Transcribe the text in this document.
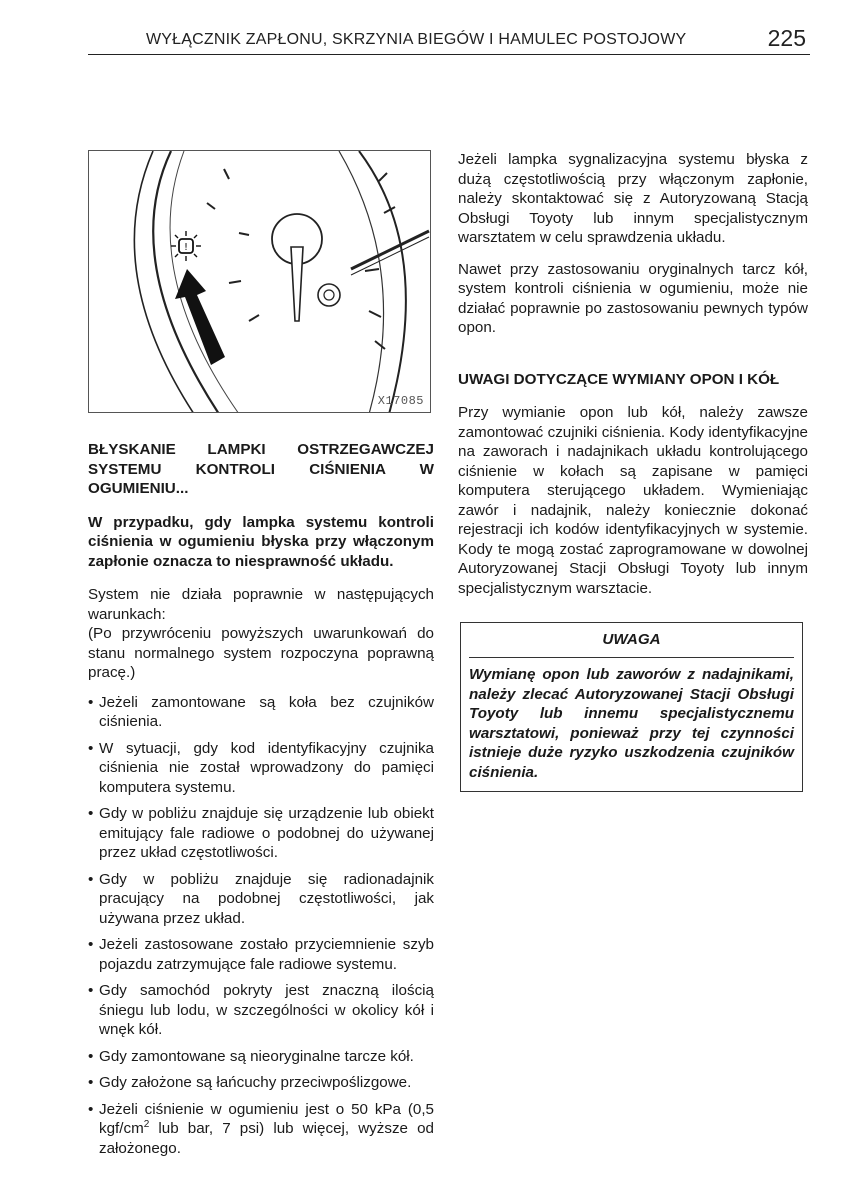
WYŁĄCZNIK ZAPŁONU, SKRZYNIA BIEGÓW I HAMULEC POSTOJOWY	225
!
X17085

BŁYSKANIE LAMPKI OSTRZEGAWCZEJ SYSTEMU KONTROLI CIŚNIENIA W OGUMIENIU...

W przypadku, gdy lampka systemu kontroli ciśnienia w ogumieniu błyska przy włączonym zapłonie oznacza to niesprawność układu.

System nie działa poprawnie w następujących warunkach:

(Po przywróceniu powyższych uwarunkowań do stanu normalnego system rozpoczyna poprawną pracę.)

• Jeżeli zamontowane są koła bez czujników ciśnienia.
• W sytuacji, gdy kod identyfikacyjny czujnika ciśnienia nie został wprowadzony do pamięci komputera systemu.
• Gdy w pobliżu znajduje się urządzenie lub obiekt emitujący fale radiowe o podobnej do używanej przez układ częstotliwości.
• Gdy w pobliżu znajduje się radionadajnik pracujący na podobnej częstotliwości, jak używana przez układ.
• Jeżeli zastosowane zostało przyciemnienie szyb pojazdu zatrzymujące fale radiowe systemu.
• Gdy samochód pokryty jest znaczną ilością śniegu lub lodu, w szczególności w okolicy kół i wnęk kół.
• Gdy zamontowane są nieoryginalne tarcze kół.
• Gdy założone są łańcuchy przeciwpoślizgowe.
• Jeżeli ciśnienie w ogumieniu jest o 50 kPa (0,5 kgf/$cm^2$ lub bar, 7 psi) lub więcej, wyższe od założonego.

Jeżeli lampka sygnalizacyjna systemu błyska z dużą częstotliwością przy włączonym zapłonie, należy skontaktować się z Autoryzowaną Stacją Obsługi Toyoty lub innym specjalistycznym warsztatem w celu sprawdzenia układu.

Nawet przy zastosowaniu oryginalnych tarcz kół, system kontroli ciśnienia w ogumieniu, może nie działać poprawnie po zastosowaniu pewnych typów opon.

UWAGI DOTYCZĄCE WYMIANY OPON I KÓŁ

Przy wymianie opon lub kół, należy zawsze zamontować czujniki ciśnienia. Kody identyfikacyjne na zaworach i nadajnikach układu kontrolującego ciśnienie w kołach są zapisane w pamięci komputera sterującego układem. Wymieniając zawór i nadajnik, należy koniecznie dokonać rejestracji ich kodów identyfikacyjnych w systemie. Kody te mogą zostać zaprogramowane w dowolnej Autoryzowanej Stacji Obsługi Toyoty lub innym specjalistycznym warsztacie.

UWAGA
Wymianę opon lub zaworów z nadajnikami, należy zlecać Autoryzowanej Stacji Obsługi Toyoty lub innemu specjalistycznemu warsztatowi, ponieważ przy tej czynności istnieje duże ryzyko uszkodzenia czujników ciśnienia.
